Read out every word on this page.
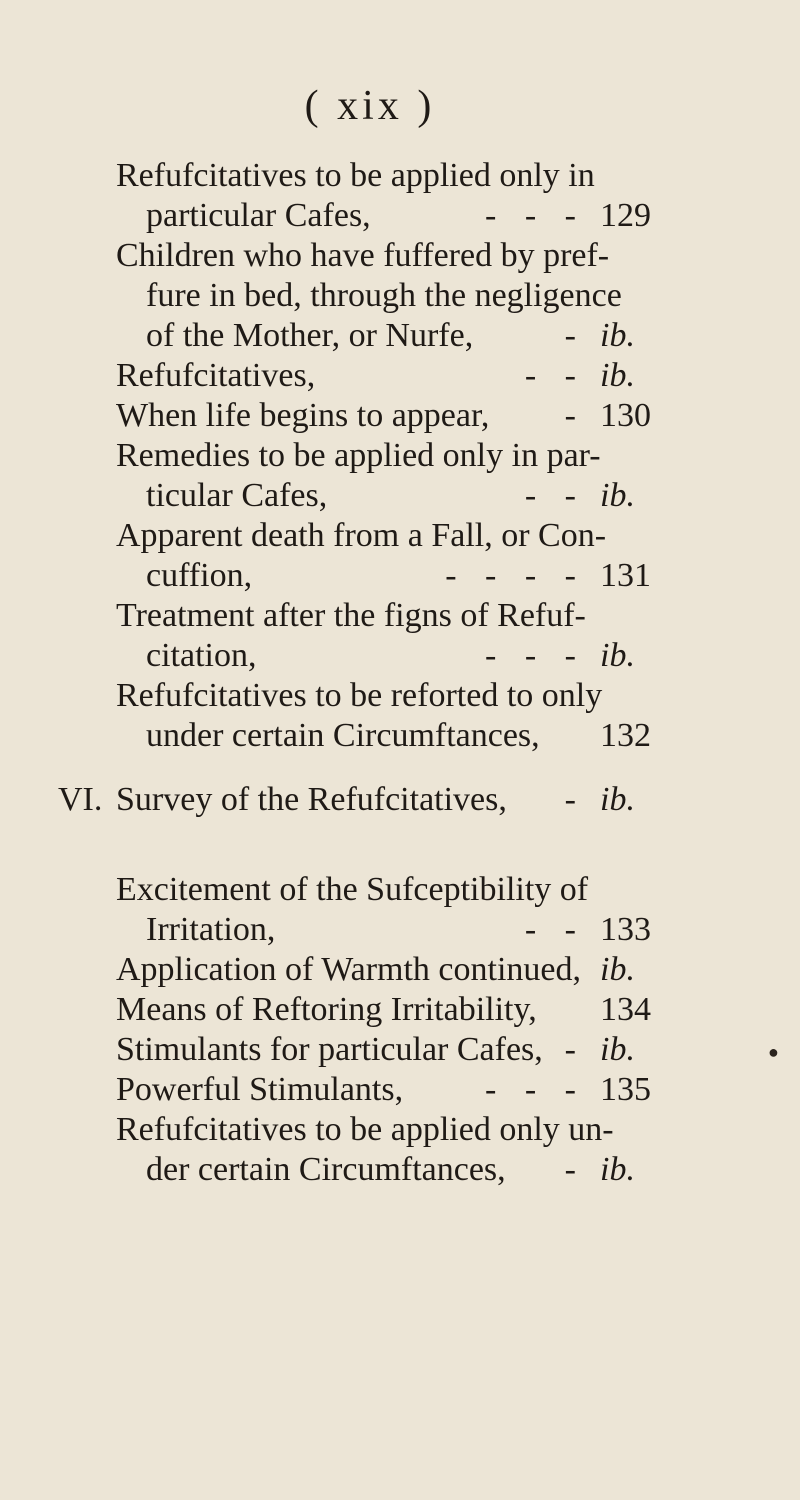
( xix )
Refufcitatives to be applied only in
particular Cafes,	- - - 129
Children who have fuffered by pref-
fure in bed, through the negligence
of the Mother, or Nurfe,	- ib.
Refufcitatives,	- - ib.
When life begins to appear, - 130
Remedies to be applied only in par-
ticular Cafes,	- - ib.
Apparent death from a Fall, or Con-
cuffion,	- - - - 131
Treatment after the figns of Refuf-
citation,	- - - ib.
Refufcitatives to be reforted to only
under certain Circumftances, 132
VI. Survey of the Refufcitatives, - ib.
Excitement of the Sufceptibility of
Irritation,	- - 133
Application of Warmth continued, ib.
Means of Reftoring Irritability, 134
Stimulants for particular Cafes, - ib.
Powerful Stimulants, - - - 135
Refufcitatives to be applied only un-
der certain Circumftances, - ib.
●
